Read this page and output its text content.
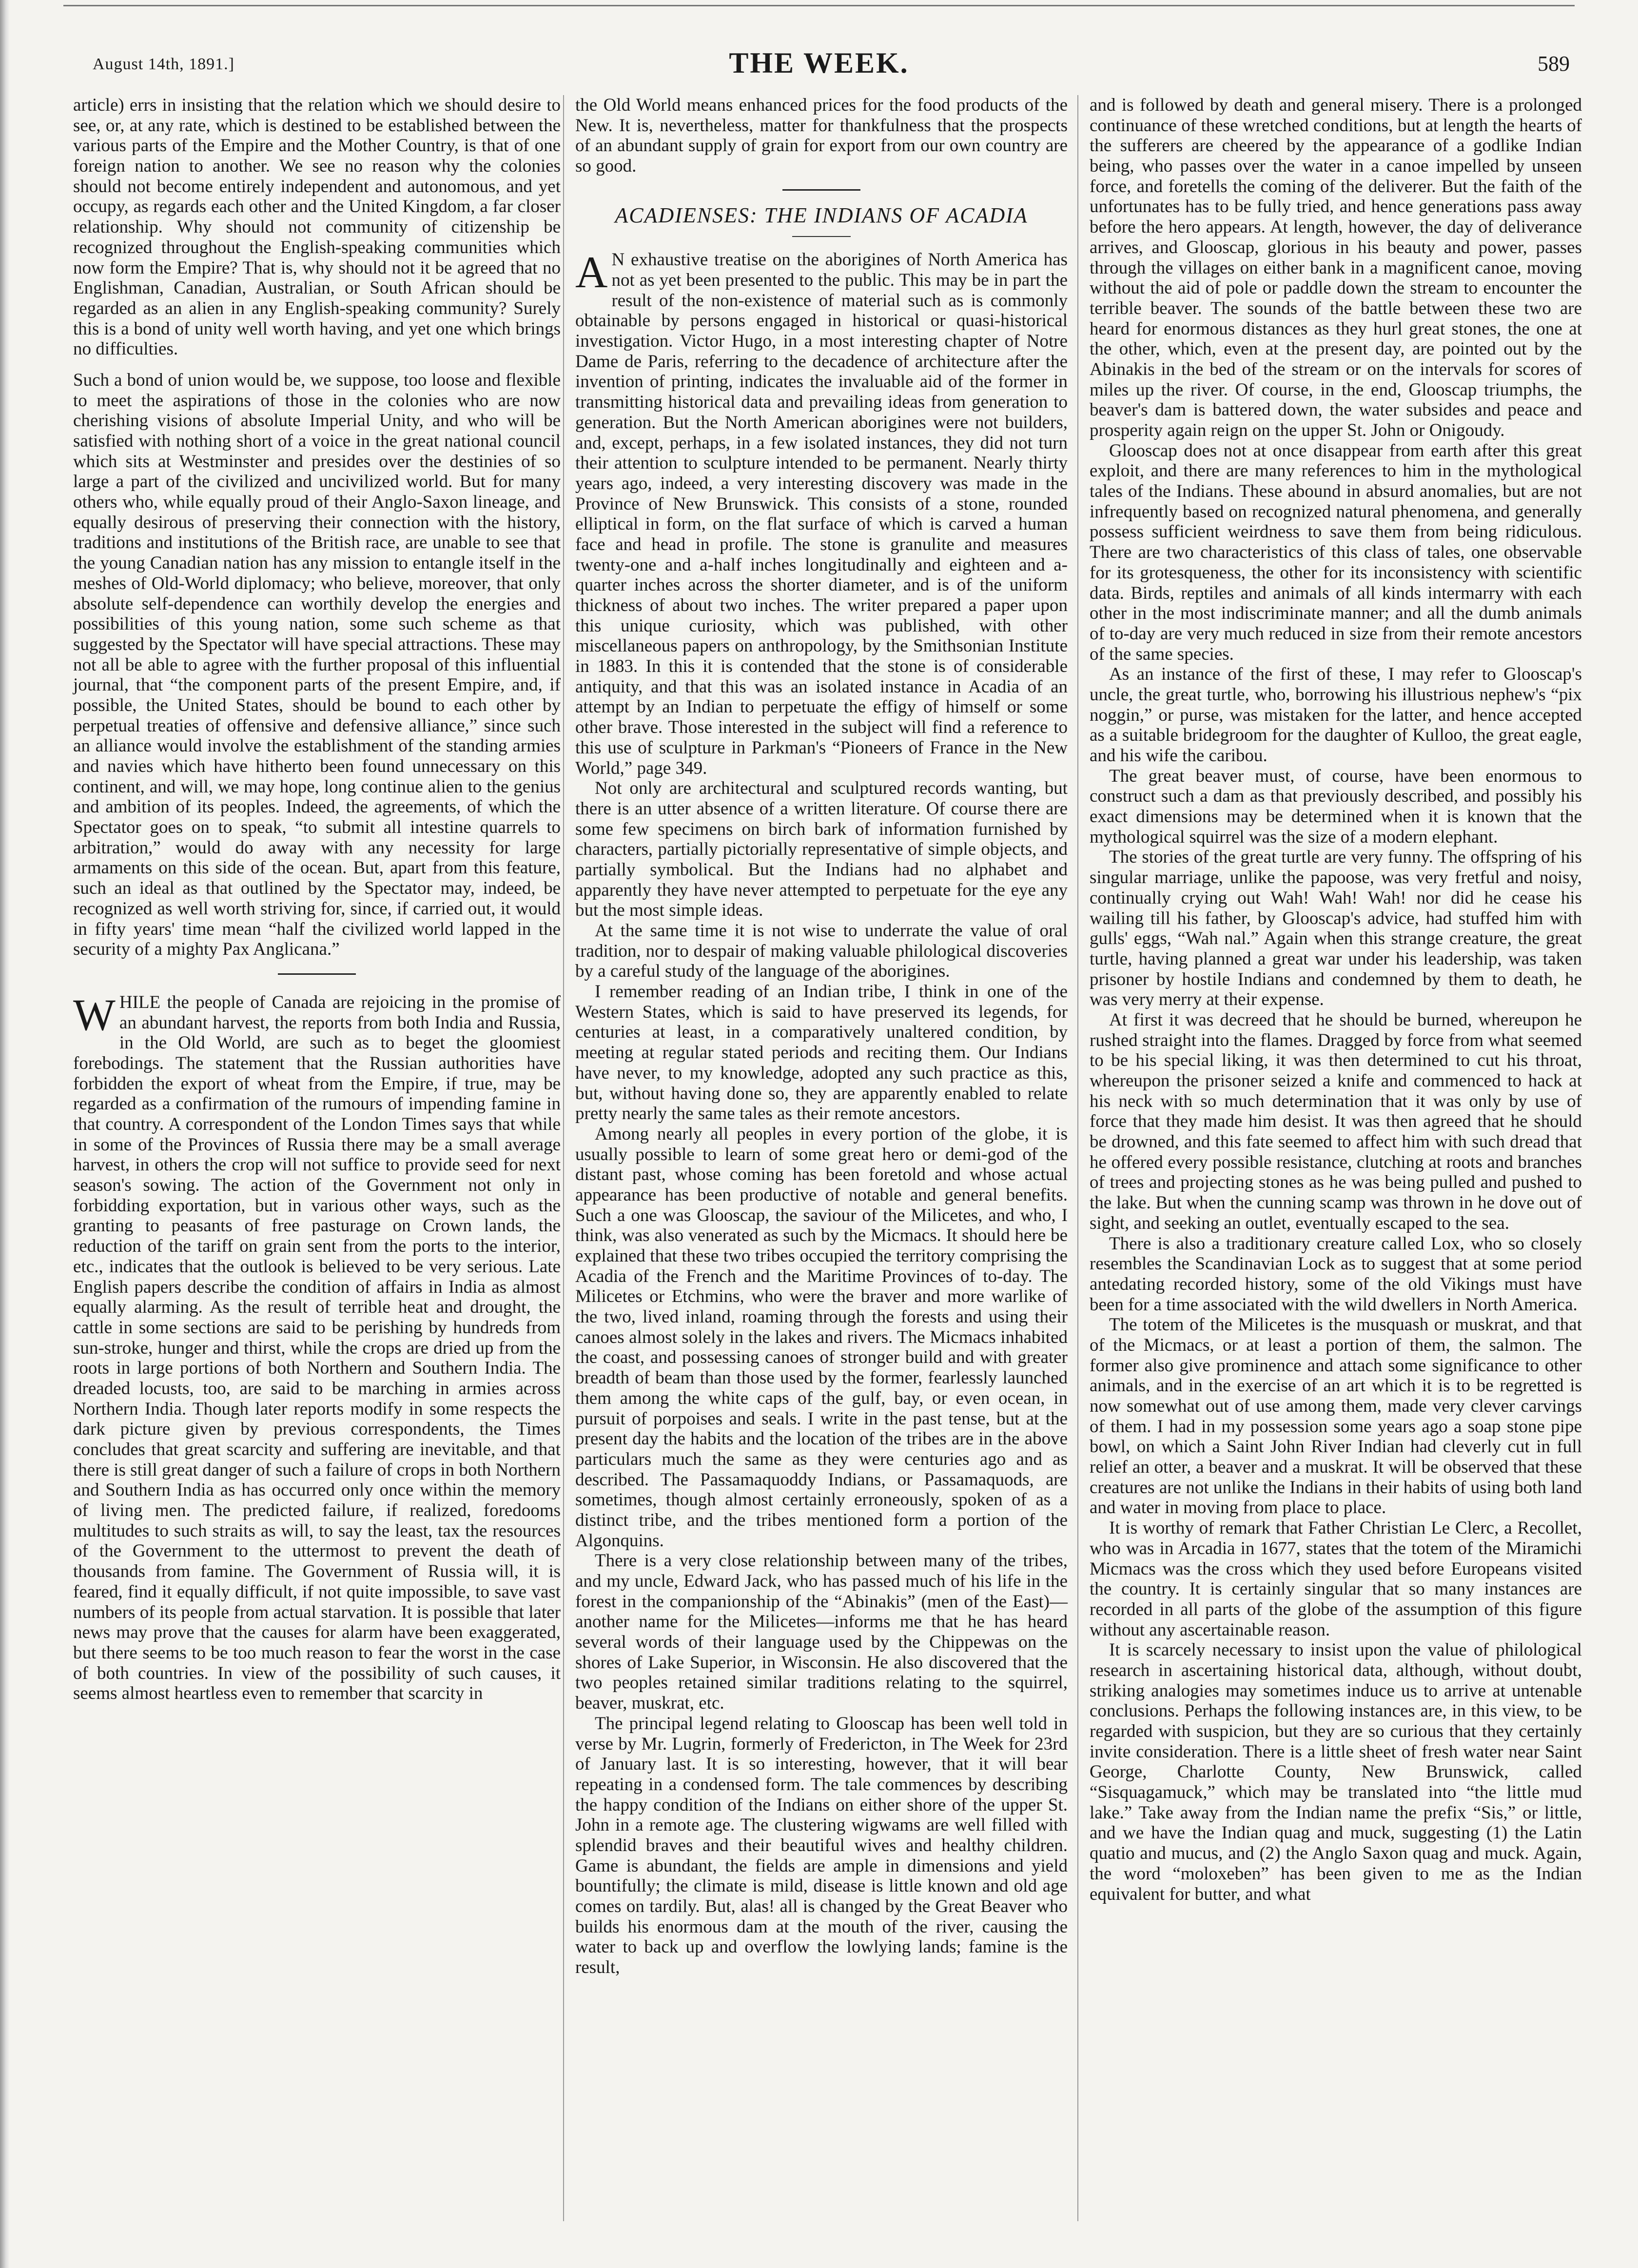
August 14th, 1891.]	THE WEEK.	589

article) errs in insisting that the relation which we should desire to see, or, at any rate, which is destined to be established between the various parts of the Empire and the Mother Country, is that of one foreign nation to another. We see no reason why the colonies should not become entirely independent and autonomous, and yet occupy, as regards each other and the United Kingdom, a far closer relationship. Why should not community of citizenship be recognized throughout the English-speaking communities which now form the Empire? That is, why should not it be agreed that no Englishman, Canadian, Australian, or South African should be regarded as an alien in any English-speaking community? Surely this is a bond of unity well worth having, and yet one which brings no difficulties.

Such a bond of union would be, we suppose, too loose and flexible to meet the aspirations of those in the colonies who are now cherishing visions of absolute Imperial Unity, and who will be satisfied with nothing short of a voice in the great national council which sits at Westminster and presides over the destinies of so large a part of the civilized and uncivilized world. But for many others who, while equally proud of their Anglo-Saxon lineage, and equally desirous of preserving their connection with the history, traditions and institutions of the British race, are unable to see that the young Canadian nation has any mission to entangle itself in the meshes of Old-World diplomacy; who believe, moreover, that only absolute self-dependence can worthily develop the energies and possibilities of this young nation, some such scheme as that suggested by the Spectator will have special attractions. These may not all be able to agree with the further proposal of this influential journal, that “the component parts of the present Empire, and, if possible, the United States, should be bound to each other by perpetual treaties of offensive and defensive alliance,” since such an alliance would involve the establishment of the standing armies and navies which have hitherto been found unnecessary on this continent, and will, we may hope, long continue alien to the genius and ambition of its peoples. Indeed, the agreements, of which the Spectator goes on to speak, “to submit all intestine quarrels to arbitration,” would do away with any necessity for large armaments on this side of the ocean. But, apart from this feature, such an ideal as that outlined by the Spectator may, indeed, be recognized as well worth striving for, since, if carried out, it would in fifty years' time mean “half the civilized world lapped in the security of a mighty Pax Anglicana.”

WHILE the people of Canada are rejoicing in the promise of an abundant harvest, the reports from both India and Russia, in the Old World, are such as to beget the gloomiest forebodings. The statement that the Russian authorities have forbidden the export of wheat from the Empire, if true, may be regarded as a confirmation of the rumours of impending famine in that country. A correspondent of the London Times says that while in some of the Provinces of Russia there may be a small average harvest, in others the crop will not suffice to provide seed for next season's sowing. The action of the Government not only in forbidding exportation, but in various other ways, such as the granting to peasants of free pasturage on Crown lands, the reduction of the tariff on grain sent from the ports to the interior, etc., indicates that the outlook is believed to be very serious. Late English papers describe the condition of affairs in India as almost equally alarming. As the result of terrible heat and drought, the cattle in some sections are said to be perishing by hundreds from sun-stroke, hunger and thirst, while the crops are dried up from the roots in large portions of both Northern and Southern India. The dreaded locusts, too, are said to be marching in armies across Northern India. Though later reports modify in some respects the dark picture given by previous correspondents, the Times concludes that great scarcity and suffering are inevitable, and that there is still great danger of such a failure of crops in both Northern and Southern India as has occurred only once within the memory of living men. The predicted failure, if realized, foredooms multitudes to such straits as will, to say the least, tax the resources of the Government to the uttermost to prevent the death of thousands from famine. The Government of Russia will, it is feared, find it equally difficult, if not quite impossible, to save vast numbers of its people from actual starvation. It is possible that later news may prove that the causes for alarm have been exaggerated, but there seems to be too much reason to fear the worst in the case of both countries. In view of the possibility of such causes, it seems almost heartless even to remember that scarcity in

the Old World means enhanced prices for the food products of the New. It is, nevertheless, matter for thankfulness that the prospects of an abundant supply of grain for export from our own country are so good.

ACADIENSES: THE INDIANS OF ACADIA

A N exhaustive treatise on the aborigines of North America has not as yet been presented to the public. This may be in part the result of the non-existence of material such as is commonly obtainable by persons engaged in historical or quasi-historical investigation. Victor Hugo, in a most interesting chapter of Notre Dame de Paris, referring to the decadence of architecture after the invention of printing, indicates the invaluable aid of the former in transmitting historical data and prevailing ideas from generation to generation. But the North American aborigines were not builders, and, except, perhaps, in a few isolated instances, they did not turn their attention to sculpture intended to be permanent. Nearly thirty years ago, indeed, a very interesting discovery was made in the Province of New Brunswick. This consists of a stone, rounded elliptical in form, on the flat surface of which is carved a human face and head in profile. The stone is granulite and measures twenty-one and a-half inches longitudinally and eighteen and a-quarter inches across the shorter diameter, and is of the uniform thickness of about two inches. The writer prepared a paper upon this unique curiosity, which was published, with other miscellaneous papers on anthropology, by the Smithsonian Institute in 1883. In this it is contended that the stone is of considerable antiquity, and that this was an isolated instance in Acadia of an attempt by an Indian to perpetuate the effigy of himself or some other brave. Those interested in the subject will find a reference to this use of sculpture in Parkman's “Pioneers of France in the New World,” page 349.

Not only are architectural and sculptured records wanting, but there is an utter absence of a written literature. Of course there are some few specimens on birch bark of information furnished by characters, partially pictorially representative of simple objects, and partially symbolical. But the Indians had no alphabet and apparently they have never attempted to perpetuate for the eye any but the most simple ideas.

At the same time it is not wise to underrate the value of oral tradition, nor to despair of making valuable philological discoveries by a careful study of the language of the aborigines.

I remember reading of an Indian tribe, I think in one of the Western States, which is said to have preserved its legends, for centuries at least, in a comparatively unaltered condition, by meeting at regular stated periods and reciting them. Our Indians have never, to my knowledge, adopted any such practice as this, but, without having done so, they are apparently enabled to relate pretty nearly the same tales as their remote ancestors.

Among nearly all peoples in every portion of the globe, it is usually possible to learn of some great hero or demi-god of the distant past, whose coming has been foretold and whose actual appearance has been productive of notable and general benefits. Such a one was Glooscap, the saviour of the Milicetes, and who, I think, was also venerated as such by the Micmacs. It should here be explained that these two tribes occupied the territory comprising the Acadia of the French and the Maritime Provinces of to-day. The Milicetes or Etchmins, who were the braver and more warlike of the two, lived inland, roaming through the forests and using their canoes almost solely in the lakes and rivers. The Micmacs inhabited the coast, and possessing canoes of stronger build and with greater breadth of beam than those used by the former, fearlessly launched them among the white caps of the gulf, bay, or even ocean, in pursuit of porpoises and seals. I write in the past tense, but at the present day the habits and the location of the tribes are in the above particulars much the same as they were centuries ago and as described. The Passamaquoddy Indians, or Passamaquods, are sometimes, though almost certainly erroneously, spoken of as a distinct tribe, and the tribes mentioned form a portion of the Algonquins.

There is a very close relationship between many of the tribes, and my uncle, Edward Jack, who has passed much of his life in the forest in the companionship of the “Abinakis” (men of the East)—another name for the Milicetes—informs me that he has heard several words of their language used by the Chippewas on the shores of Lake Superior, in Wisconsin. He also discovered that the two peoples retained similar traditions relating to the squirrel, beaver, muskrat, etc.

The principal legend relating to Glooscap has been well told in verse by Mr. Lugrin, formerly of Fredericton, in The Week for 23rd of January last. It is so interesting, however, that it will bear repeating in a condensed form. The tale commences by describing the happy condition of the Indians on either shore of the upper St. John in a remote age. The clustering wigwams are well filled with splendid braves and their beautiful wives and healthy children. Game is abundant, the fields are ample in dimensions and yield bountifully; the climate is mild, disease is little known and old age comes on tardily. But, alas! all is changed by the Great Beaver who builds his enormous dam at the mouth of the river, causing the water to back up and overflow the lowlying lands; famine is the result,

and is followed by death and general misery. There is a prolonged continuance of these wretched conditions, but at length the hearts of the sufferers are cheered by the appearance of a godlike Indian being, who passes over the water in a canoe impelled by unseen force, and foretells the coming of the deliverer. But the faith of the unfortunates has to be fully tried, and hence generations pass away before the hero appears. At length, however, the day of deliverance arrives, and Glooscap, glorious in his beauty and power, passes through the villages on either bank in a magnificent canoe, moving without the aid of pole or paddle down the stream to encounter the terrible beaver. The sounds of the battle between these two are heard for enormous distances as they hurl great stones, the one at the other, which, even at the present day, are pointed out by the Abinakis in the bed of the stream or on the intervals for scores of miles up the river. Of course, in the end, Glooscap triumphs, the beaver's dam is battered down, the water subsides and peace and prosperity again reign on the upper St. John or Onigoudy.

Glooscap does not at once disappear from earth after this great exploit, and there are many references to him in the mythological tales of the Indians. These abound in absurd anomalies, but are not infrequently based on recognized natural phenomena, and generally possess sufficient weirdness to save them from being ridiculous. There are two characteristics of this class of tales, one observable for its grotesqueness, the other for its inconsistency with scientific data. Birds, reptiles and animals of all kinds intermarry with each other in the most indiscriminate manner; and all the dumb animals of to-day are very much reduced in size from their remote ancestors of the same species.

As an instance of the first of these, I may refer to Glooscap's uncle, the great turtle, who, borrowing his illustrious nephew's “pix noggin,” or purse, was mistaken for the latter, and hence accepted as a suitable bridegroom for the daughter of Kulloo, the great eagle, and his wife the caribou.

The great beaver must, of course, have been enormous to construct such a dam as that previously described, and possibly his exact dimensions may be determined when it is known that the mythological squirrel was the size of a modern elephant.

The stories of the great turtle are very funny. The offspring of his singular marriage, unlike the papoose, was very fretful and noisy, continually crying out Wah! Wah! Wah! nor did he cease his wailing till his father, by Glooscap's advice, had stuffed him with gulls' eggs, “Wah nal.” Again when this strange creature, the great turtle, having planned a great war under his leadership, was taken prisoner by hostile Indians and condemned by them to death, he was very merry at their expense.

At first it was decreed that he should be burned, whereupon he rushed straight into the flames. Dragged by force from what seemed to be his special liking, it was then determined to cut his throat, whereupon the prisoner seized a knife and commenced to hack at his neck with so much determination that it was only by use of force that they made him desist. It was then agreed that he should be drowned, and this fate seemed to affect him with such dread that he offered every possible resistance, clutching at roots and branches of trees and projecting stones as he was being pulled and pushed to the lake. But when the cunning scamp was thrown in he dove out of sight, and seeking an outlet, eventually escaped to the sea.

There is also a traditionary creature called Lox, who so closely resembles the Scandinavian Lock as to suggest that at some period antedating recorded history, some of the old Vikings must have been for a time associated with the wild dwellers in North America.

The totem of the Milicetes is the musquash or muskrat, and that of the Micmacs, or at least a portion of them, the salmon. The former also give prominence and attach some significance to other animals, and in the exercise of an art which it is to be regretted is now somewhat out of use among them, made very clever carvings of them. I had in my possession some years ago a soap stone pipe bowl, on which a Saint John River Indian had cleverly cut in full relief an otter, a beaver and a muskrat. It will be observed that these creatures are not unlike the Indians in their habits of using both land and water in moving from place to place.

It is worthy of remark that Father Christian Le Clerc, a Recollet, who was in Arcadia in 1677, states that the totem of the Miramichi Micmacs was the cross which they used before Europeans visited the country. It is certainly singular that so many instances are recorded in all parts of the globe of the assumption of this figure without any ascertainable reason.

It is scarcely necessary to insist upon the value of philological research in ascertaining historical data, although, without doubt, striking analogies may sometimes induce us to arrive at untenable conclusions. Perhaps the following instances are, in this view, to be regarded with suspicion, but they are so curious that they certainly invite consideration. There is a little sheet of fresh water near Saint George, Charlotte County, New Brunswick, called “Sisquagamuck,” which may be translated into “the little mud lake.” Take away from the Indian name the prefix “Sis,” or little, and we have the Indian quag and muck, suggesting (1) the Latin quatio and mucus, and (2) the Anglo Saxon quag and muck. Again, the word “moloxeben” has been given to me as the Indian equivalent for butter, and what
